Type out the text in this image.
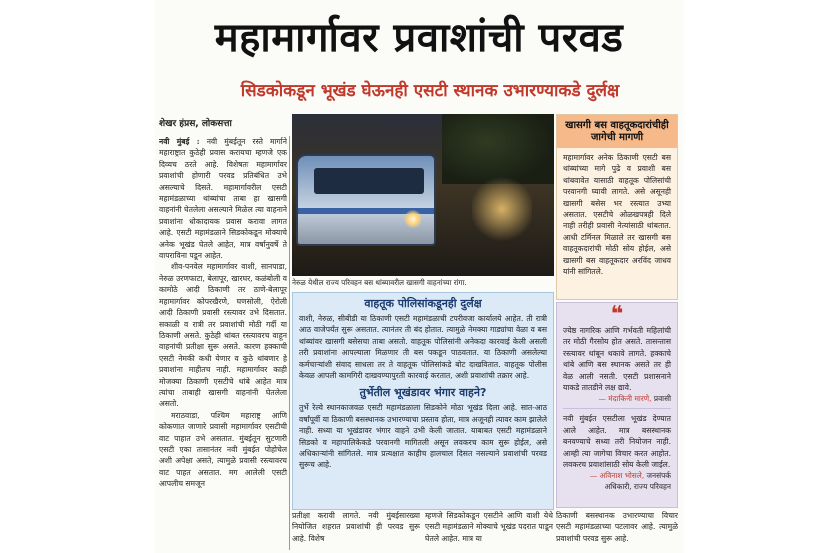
महामार्गावर प्रवाशांची परवड
सिडकोकडून भूखंड घेऊनही एसटी स्थानक उभारण्याकडे दुर्लक्ष
शेखर हंप्रस, लोकसत्ता

नवी मुंबई : नवी मुंबईतून रस्ते मार्गाने महाराष्ट्रात कुठेही प्रवास करायचा म्हणजे एक दिव्यच ठरते आहे. विशेषतः महामार्गावर प्रवाशांची होणारी परवड प्रतिबंधित उभे असल्याचे दिसते. महामार्गावरील एसटी महामंडळाच्या थांब्यांचा ताबा हा खासगी वाहनांनी घेतलेला असल्याने मिळेल त्या वाहनाने प्रवाशांना धोकादायक प्रवास करावा लागत आहे. एसटी महामंडळाने सिडकोकडून मोक्याचे अनेक भूखंड घेतले आहेत, मात्र वर्षानुवर्षे ते वापराविना पडून आहेत.

शीव-पनवेल महामार्गावर वाशी, सानपाडा, नेरुळ उरणफाटा, बेलापूर, खारघर, कळंबोली व कामोठे आदी ठिकाणी तर ठाणे-बेलापूर महामार्गावर कोपरखैरणे, घणसोली, ऐरोली आदी ठिकाणी प्रवासी रस्त्यावर उभे दिसतात. सकाळी व रात्री तर प्रवाशांची मोठी गर्दी या ठिकाणी असते. कुठेही थांबत रस्त्यावरच वाहून वाहनांची प्रतीक्षा सुरू असते. कारण हक्काची एसटी नेमकी कधी येणार व कुठे थांबणार हे प्रवाशांना माहीतच नाही. महामार्गावर काही मोजक्या ठिकाणी एसटीचे थांबे आहेत मात्र त्यांचा ताबाही खासगी वाहनांनी घेतलेला असतो.

मराठवाडा, पश्चिम महाराष्ट्र आणि कोकणात जाणारे प्रवासी महामार्गावर एसटीची वाट पाहात उभे असतात. मुंबईतून सुटणारी एसटी एका तासानंतर नवी मुंबईत पोहोचेल अशी अपेक्षा असते, त्यामुळे प्रवासी रस्त्यावरच वाट पाहत असतात. मग आलेली एसटी आपलीच समजून

नेरुळ येथील राज्य परिवहन बस थांब्यावरील खासगी वाहनांच्या रांगा.
खासगी बस वाहतूकदारांचीही जागेची मागणी
महामार्गावर अनेक ठिकाणी एसटी बस थांब्यांच्या मागे पुढे व प्रवाशी बस थांबवावेत यासाठी वाहतूक पोलिसांची परवानगी घ्यावी लागते. असे असूनही खासगी बसेस भर रस्त्यात उभ्या असतात. एसटीचे ओळखपत्रही दिले नाही तरीही प्रवासी नेत्यांसाठी थांबतात. आधी टर्मिनल मिळाले तर खासगी बस वाहतूकदारांची मोठी सोय होईल, असे खासगी बस वाहतूकदार अरविंद जाधव यांनी सांगितले.
वाहतूक पोलिसांकडूनही दुर्लक्ष
वाशी, नेरुळ, सीबीडी या ठिकाणी एसटी महामंडळाची टपरीवजा कार्यालये आहेत. ती रात्री आठ वाजेपर्यंत सुरू असतात. त्यानंतर ती बंद होतात. त्यामुळे नेमक्या गाड्यांचा वेळा व बस थांब्यांवर खासगी बसेसचा ताबा असतो. वाहतूक पोलिसांनी अनेकदा कारवाई केली असली तरी प्रवाशांना आपल्याला मिळणार ती बस पकडून पाठवतात. या ठिकाणी असलेल्या कर्मचाऱ्यांशी संवाद साधला तर ते वाहतूक पोलिसांकडे बोट दाखवितात. वाहतूक पोलीस केवळ आपली कामगिरी दाखवण्यापुरती कारवाई करतात, अशी प्रवाशांची तक्रार आहे.
तुर्भेतील भूखंडावर भंगार वाहने?
तुर्भे रेल्वे स्थानकाजवळ एसटी महामंडळाला सिडकोने मोठा भूखंड दिला आहे. सात-आठ वर्षांपूर्वी या ठिकाणी बसस्थानक उभारण्याचा प्रस्ताव होता, मात्र अजूनही त्यावर काम झालेले नाही. सध्या या भूखंडावर भंगार वाहने उभी केली जातात. याबाबत एसटी महामंडळाने सिडको व महापालिकेकडे परवानगी मागितली असून लवकरच काम सुरू होईल, असे अधिकाऱ्यांनी सांगितले. मात्र प्रत्यक्षात काहीच हालचाल दिसत नसल्याने प्रवाशांची परवड सुरूच आहे.
❝
ज्येष्ठ नागरिक आणि गर्भवती महिलांची तर मोठी गैरसोय होत असते. तासन्तास रस्त्यावर थांबून थकावे लागते. हक्काचे थांबे आणि बस स्थानक असते तर ही वेळ आली नसती. एसटी प्रशासनाने याकडे तातडीने लक्ष द्यावे.
— मंदाकिनी मारणे, प्रवासी
नवी मुंबईत एसटीला भूखंड देण्यात आले आहेत. मात्र बसस्थानक बनवण्याचे सध्या तरी नियोजन नाही. आम्ही त्या जागेचा विचार करत आहोत. लवकरच प्रवाशांसाठी सोय केली जाईल.
— अविनाश भोसले, जनसंपर्क अधिकारी, राज्य परिवहन
प्रतीक्षा करावी लागते. नवी मुंबईसारख्या नियोजित शहरात प्रवाशांची ही परवड सुरू आहे. विशेष
म्हणजे सिडकोकडून एसटीने आणि वाशी येथे एसटी महामंडळाने मोक्याचे भूखंड पदरात पाडून घेतले आहेत. मात्र या
ठिकाणी बसस्थानक उभारण्याचा विचार एसटी महामंडळाच्या पटलावर आहे. त्यामुळे प्रवाशांची परवड सुरू आहे.
